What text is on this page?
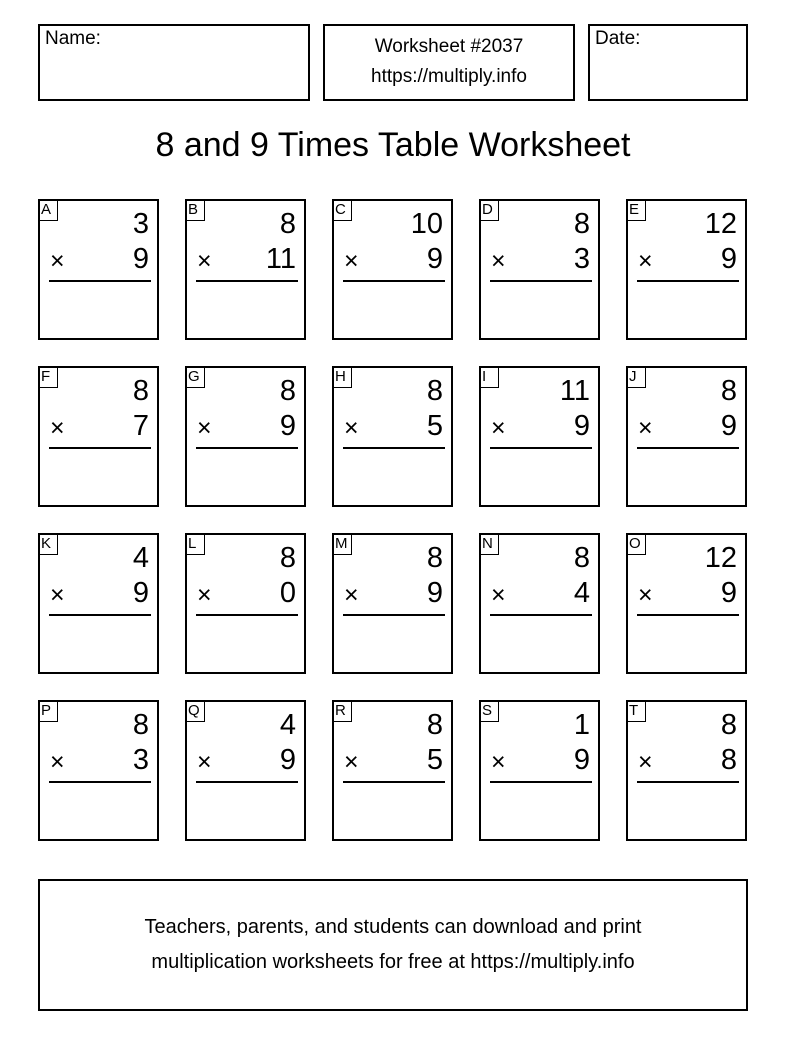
Name:	Worksheet #2037
https://multiply.info
Date:
8 and 9 Times Table Worksheet
A	3
× 9
B	8
× 11
C 10
× 9
D	8
× 3
E 12
× 9
F	8
× 7
G	8
× 9
H	8
× 5
I	11
× 9
J	8
× 9
K	4
× 9
L	8
× 0
M	8
× 9
N	8
× 4
O 12
× 9
P	8
× 3
Q	4
× 9
R	8
× 5
S	1
× 9
T	8
× 8
Teachers, parents, and students can download and print
multiplication worksheets for free at https://multiply.info
